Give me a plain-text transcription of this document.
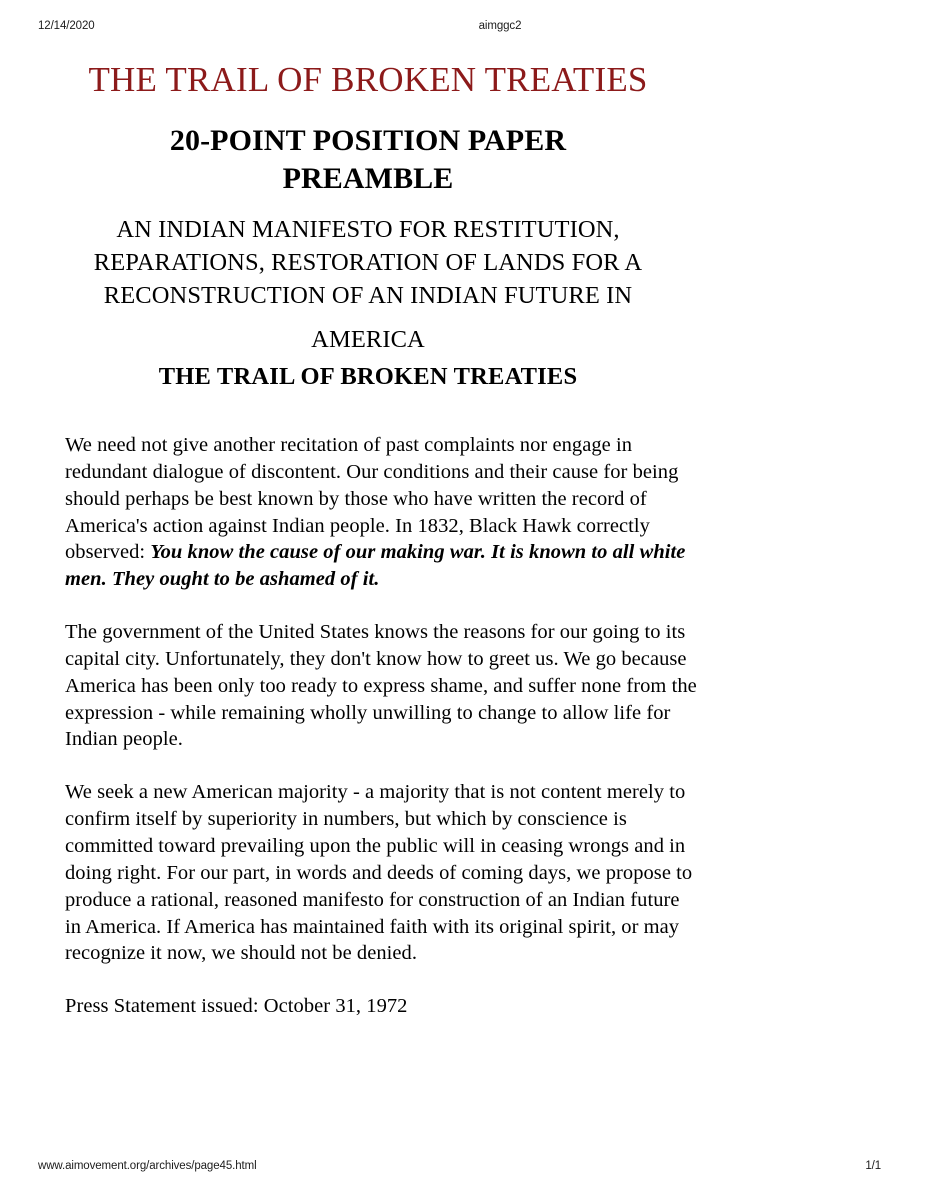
12/14/2020	aimggc2
THE TRAIL OF BROKEN TREATIES
20-POINT POSITION PAPER
PREAMBLE
AN INDIAN MANIFESTO FOR RESTITUTION,
REPARATIONS, RESTORATION OF LANDS FOR A
RECONSTRUCTION OF AN INDIAN FUTURE IN
AMERICA
THE TRAIL OF BROKEN TREATIES

We need not give another recitation of past complaints nor engage in redundant dialogue of discontent. Our conditions and their cause for being should perhaps be best known by those who have written the record of America's action against Indian people. In 1832, Black Hawk correctly observed: You know the cause of our making war. It is known to all white men. They ought to be ashamed of it.

The government of the United States knows the reasons for our going to its capital city. Unfortunately, they don't know how to greet us. We go because America has been only too ready to express shame, and suffer none from the expression - while remaining wholly unwilling to change to allow life for Indian people.

We seek a new American majority - a majority that is not content merely to confirm itself by superiority in numbers, but which by conscience is committed toward prevailing upon the public will in ceasing wrongs and in doing right. For our part, in words and deeds of coming days, we propose to produce a rational, reasoned manifesto for construction of an Indian future in America. If America has maintained faith with its original spirit, or may recognize it now, we should not be denied.

Press Statement issued: October 31, 1972

www.aimovement.org/archives/page45.html	1/1
